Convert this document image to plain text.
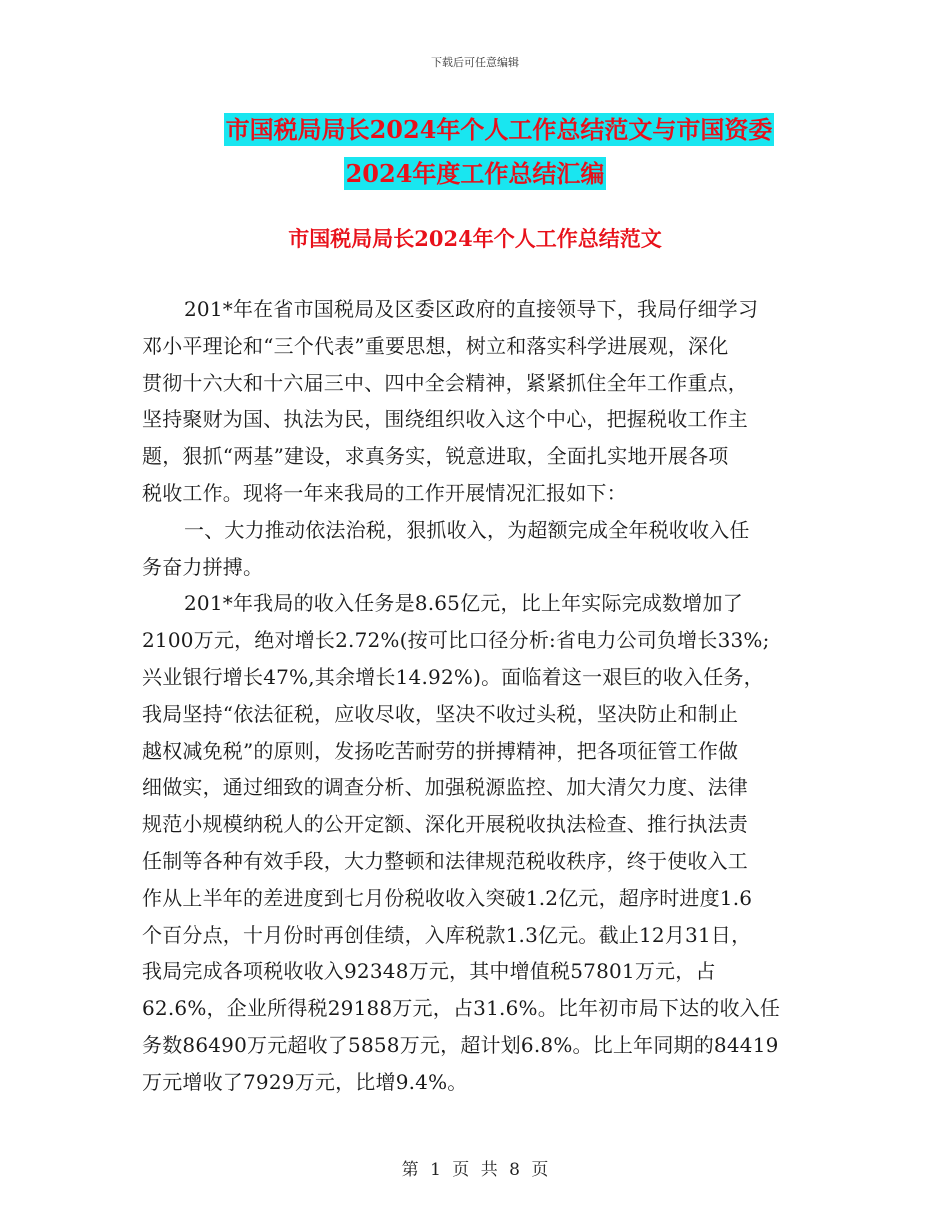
下载后可任意编辑
市国税局局长2024年个人工作总结范文与市国资委
2024年度工作总结汇编
市国税局局长2024年个人工作总结范文
201*年在省市国税局及区委区政府的直接领导下，我局仔细学习
邓小平理论和“三个代表”重要思想，树立和落实科学进展观，深化
贯彻十六大和十六届三中、四中全会精神，紧紧抓住全年工作重点，
坚持聚财为国、执法为民，围绕组织收入这个中心，把握税收工作主
题，狠抓“两基”建设，求真务实，锐意进取，全面扎实地开展各项
税收工作。现将一年来我局的工作开展情况汇报如下：
一、大力推动依法治税，狠抓收入，为超额完成全年税收收入任
务奋力拼搏。
201*年我局的收入任务是8.65亿元，比上年实际完成数增加了
2100万元，绝对增长2.72%(按可比口径分析:省电力公司负增长33%;
兴业银行增长47%,其余增长14.92%)。面临着这一艰巨的收入任务，
我局坚持“依法征税，应收尽收，坚决不收过头税，坚决防止和制止
越权减免税”的原则，发扬吃苦耐劳的拼搏精神，把各项征管工作做
细做实，通过细致的调查分析、加强税源监控、加大清欠力度、法律
规范小规模纳税人的公开定额、深化开展税收执法检查、推行执法责
任制等各种有效手段，大力整顿和法律规范税收秩序，终于使收入工
作从上半年的差进度到七月份税收收入突破1.2亿元，超序时进度1.6
个百分点，十月份时再创佳绩，入库税款1.3亿元。截止12月31日，
我局完成各项税收收入92348万元，其中增值税57801万元，占
62.6%，企业所得税29188万元，占31.6%。比年初市局下达的收入任
务数86490万元超收了5858万元，超计划6.8%。比上年同期的84419
万元增收了7929万元，比增9.4%。
第 1 页 共 8 页
